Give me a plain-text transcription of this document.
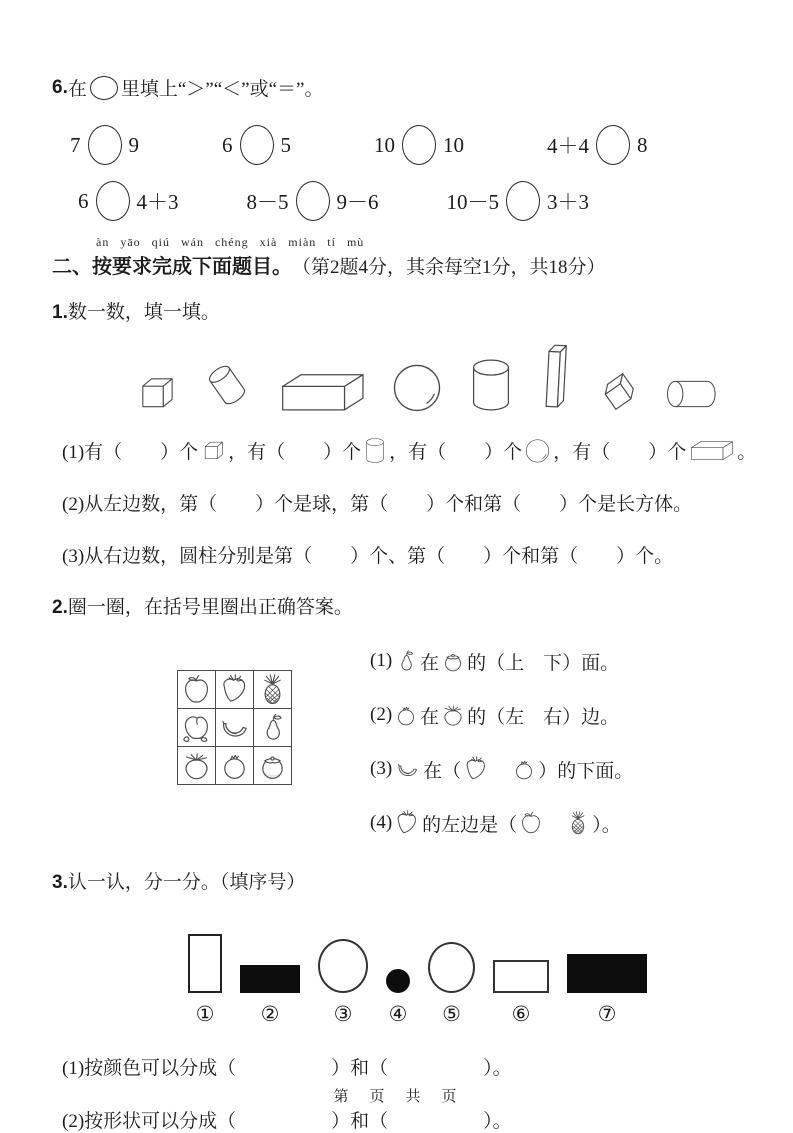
6. 在 里填上“＞”“＜”或“＝”。
7 9	6 5	10 10	4＋4 8
6 4＋3	8－5 9－6	10－5 3＋3
àn yāo qiú wán chéng xià miàn tí mù
二、按要求完成下面题目。 （第2题4分，其余每空1分，共18分）
1. 数一数，填一填。
(1)有（　　）个 ，有（　　）个 ，有（　　）个 ，有（　　）个	。
(2)从左边数，第（　　）个是球，第（　　）个和第（　　）个是长方体。
(3)从右边数，圆柱分别是第（　　）个、第（　　）个和第（　　）个。
2. 圈一圈，在括号里圈出正确答案。
(1) 在 的（上　下）面。
(2) 在 的（左　右）边。
(3) 在（
　	）的下面。
(4) 的左边是（
　	）。
3. 认一认，分一分。（填序号）
① ②	③ ④ ⑤ ⑥	⑦
(1)按颜色可以分成（　　　　　）和（　　　　　）。
(2)按形状可以分成（　　　　　）和（　　　　　）。
第　页　共　页
